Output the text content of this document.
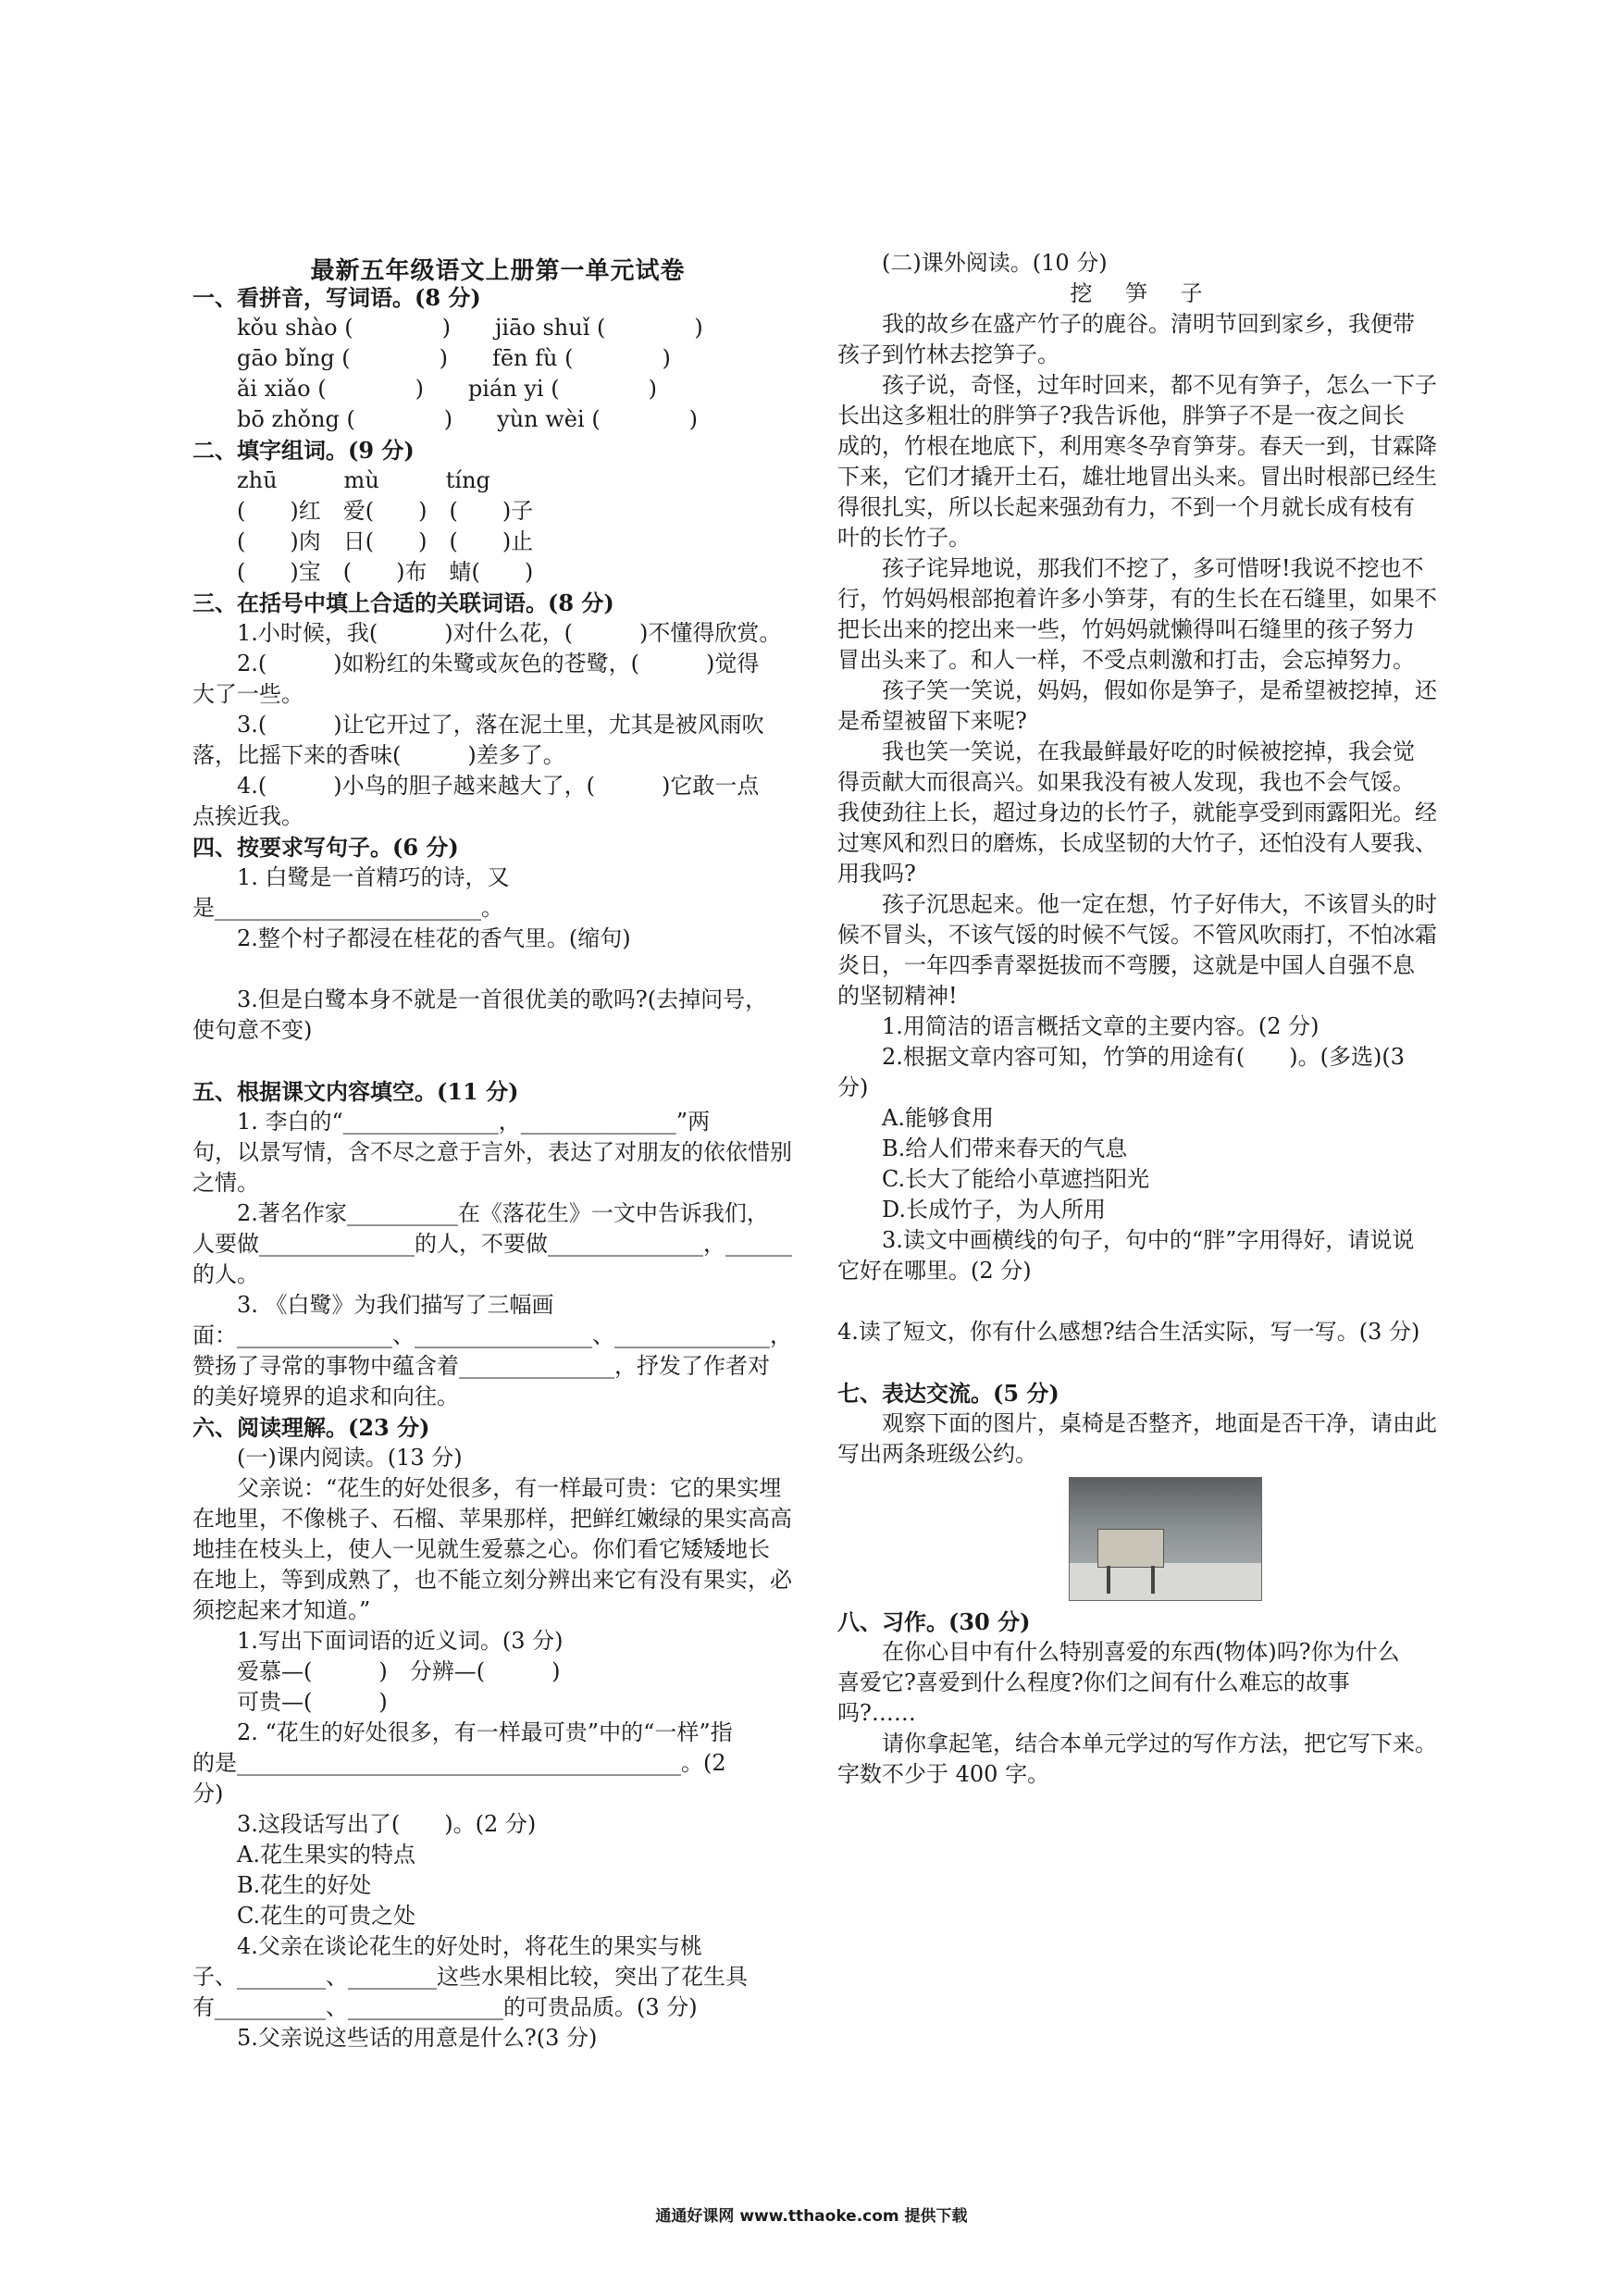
最新五年级语文上册第一单元试卷
一、看拼音，写词语。(8 分)
kǒu shào (　　　　)　　jiāo shuǐ (　　　　)
gāo bǐng (　　　　)　　fēn fù (　　　　)
ǎi xiǎo (　　　　)　　pián yi (　　　　)
bō zhǒng (　　　　)　　yùn wèi (　　　　)
二、填字组词。(9 分)
zhū　　　mù　　　tíng
(　　)红　爱(　　)　(　　)子
(　　)肉　日(　　)　(　　)止
(　　)宝　(　　)布　蜻(　　)
三、在括号中填上合适的关联词语。(8 分)
1.小时候，我(　　　)对什么花，(　　　)不懂得欣赏。
2.(　　　)如粉红的朱鹭或灰色的苍鹭，(　　　)觉得
大了一些。
3.(　　　)让它开过了，落在泥土里，尤其是被风雨吹
落，比摇下来的香味(　　　)差多了。
4.(　　　)小鸟的胆子越来越大了，(　　　)它敢一点
点挨近我。
四、按要求写句子。(6 分)
1. 白鹭是一首精巧的诗，又
是________________________。
2.整个村子都浸在桂花的香气里。(缩句)
3.但是白鹭本身不就是一首很优美的歌吗?(去掉问号，
使句意不变)
五、根据课文内容填空。(11 分)
1. 李白的“______________，______________”两
句，以景写情，含不尽之意于言外，表达了对朋友的依依惜别
之情。
2.著名作家__________在《落花生》一文中告诉我们，
人要做______________的人，不要做______________，______
的人。
3. 《白鹭》为我们描写了三幅画
面：______________、________________、______________，
赞扬了寻常的事物中蕴含着______________，抒发了作者对
的美好境界的追求和向往。
六、阅读理解。(23 分)
(一)课内阅读。(13 分)
父亲说：“花生的好处很多，有一样最可贵：它的果实埋
在地里，不像桃子、石榴、苹果那样，把鲜红嫩绿的果实高高
地挂在枝头上，使人一见就生爱慕之心。你们看它矮矮地长
在地上，等到成熟了，也不能立刻分辨出来它有没有果实，必
须挖起来才知道。”
1.写出下面词语的近义词。(3 分)
爱慕—(　　　)　分辨—(　　　)
可贵—(　　　)
2. “花生的好处很多，有一样最可贵”中的“一样”指
的是________________________________________。(2
分)
3.这段话写出了(　　)。(2 分)
A.花生果实的特点
B.花生的好处
C.花生的可贵之处
4.父亲在谈论花生的好处时，将花生的果实与桃
子、________、________这些水果相比较，突出了花生具
有__________、______________的可贵品质。(3 分)
5.父亲说这些话的用意是什么?(3 分)
(二)课外阅读。(10 分)
挖 笋 子
我的故乡在盛产竹子的鹿谷。清明节回到家乡，我便带
孩子到竹林去挖笋子。
孩子说，奇怪，过年时回来，都不见有笋子，怎么一下子
长出这多粗壮的胖笋子?我告诉他，胖笋子不是一夜之间长
成的，竹根在地底下，利用寒冬孕育笋芽。春天一到，甘霖降
下来，它们才撬开土石，雄壮地冒出头来。冒出时根部已经生
得很扎实，所以长起来强劲有力，不到一个月就长成有枝有
叶的长竹子。
孩子诧异地说，那我们不挖了，多可惜呀!我说不挖也不
行，竹妈妈根部抱着许多小笋芽，有的生长在石缝里，如果不
把长出来的挖出来一些，竹妈妈就懒得叫石缝里的孩子努力
冒出头来了。和人一样，不受点刺激和打击，会忘掉努力。
孩子笑一笑说，妈妈，假如你是笋子，是希望被挖掉，还
是希望被留下来呢?
我也笑一笑说，在我最鲜最好吃的时候被挖掉，我会觉
得贡献大而很高兴。如果我没有被人发现，我也不会气馁。
我使劲往上长，超过身边的长竹子，就能享受到雨露阳光。经
过寒风和烈日的磨炼，长成坚韧的大竹子，还怕没有人要我、
用我吗?
孩子沉思起来。他一定在想，竹子好伟大，不该冒头的时
候不冒头，不该气馁的时候不气馁。不管风吹雨打，不怕冰霜
炎日，一年四季青翠挺拔而不弯腰，这就是中国人自强不息
的坚韧精神!
1.用简洁的语言概括文章的主要内容。(2 分)
2.根据文章内容可知，竹笋的用途有(　　)。(多选)(3
分)
A.能够食用
B.给人们带来春天的气息
C.长大了能给小草遮挡阳光
D.长成竹子，为人所用
3.读文中画横线的句子，句中的“胖”字用得好，请说说
它好在哪里。(2 分)
4.读了短文，你有什么感想?结合生活实际，写一写。(3 分)
七、表达交流。(5 分)
观察下面的图片，桌椅是否整齐，地面是否干净，请由此
写出两条班级公约。
八、习作。(30 分)
在你心目中有什么特别喜爱的东西(物体)吗?你为什么
喜爱它?喜爱到什么程度?你们之间有什么难忘的故事
吗?……
请你拿起笔，结合本单元学过的写作方法，把它写下来。
字数不少于 400 字。
通通好课网 www.tthaoke.com 提供下载
